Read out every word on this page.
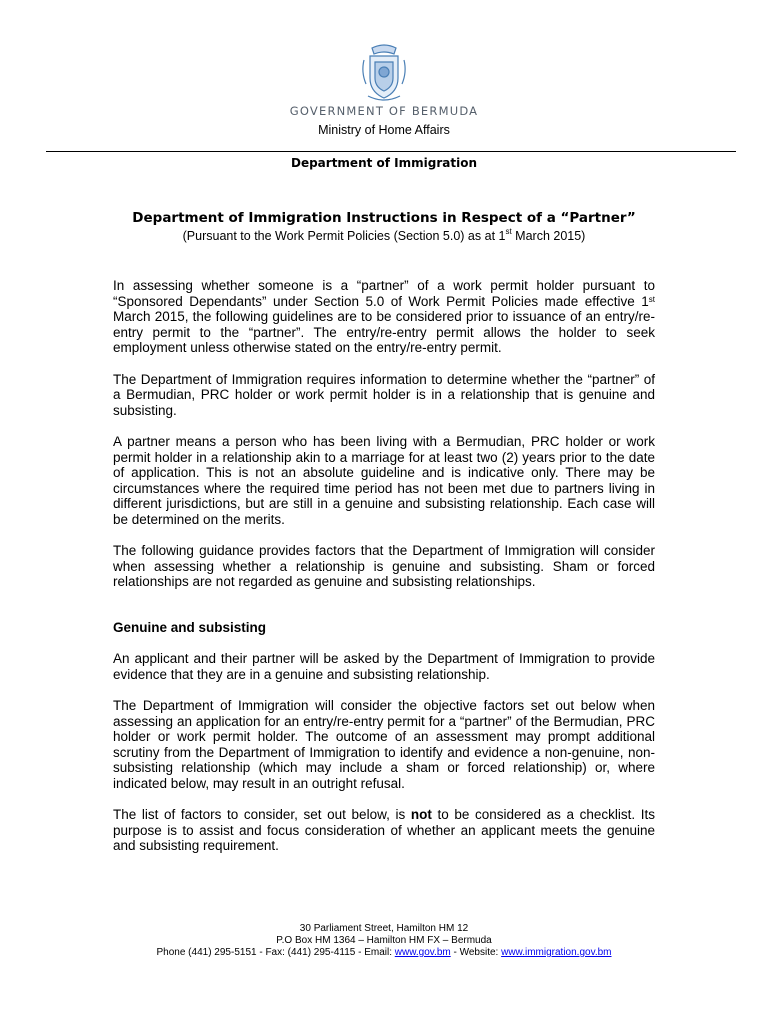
GOVERNMENT OF BERMUDA
Ministry of Home Affairs
Department of Immigration
Department of Immigration Instructions in Respect of a “Partner”
(Pursuant to the Work Permit Policies (Section 5.0) as at 1st March 2015)

In assessing whether someone is a “partner” of a work permit holder pursuant to “Sponsored Dependants” under Section 5.0 of Work Permit Policies made effective 1st March 2015, the following guidelines are to be considered prior to issuance of an entry/re-entry permit to the “partner”. The entry/re-entry permit allows the holder to seek employment unless otherwise stated on the entry/re-entry permit.

The Department of Immigration requires information to determine whether the “partner” of a Bermudian, PRC holder or work permit holder is in a relationship that is genuine and subsisting.

A partner means a person who has been living with a Bermudian, PRC holder or work permit holder in a relationship akin to a marriage for at least two (2) years prior to the date of application. This is not an absolute guideline and is indicative only. There may be circumstances where the required time period has not been met due to partners living in different jurisdictions, but are still in a genuine and subsisting relationship. Each case will be determined on the merits.

The following guidance provides factors that the Department of Immigration will consider when assessing whether a relationship is genuine and subsisting. Sham or forced relationships are not regarded as genuine and subsisting relationships.

Genuine and subsisting

An applicant and their partner will be asked by the Department of Immigration to provide evidence that they are in a genuine and subsisting relationship.

The Department of Immigration will consider the objective factors set out below when assessing an application for an entry/re-entry permit for a “partner” of the Bermudian, PRC holder or work permit holder. The outcome of an assessment may prompt additional scrutiny from the Department of Immigration to identify and evidence a non-genuine, non-subsisting relationship (which may include a sham or forced relationship) or, where indicated below, may result in an outright refusal.

The list of factors to consider, set out below, is not to be considered as a checklist. Its purpose is to assist and focus consideration of whether an applicant meets the genuine and subsisting requirement.

30 Parliament Street, Hamilton HM 12
P.O Box HM 1364 – Hamilton HM FX – Bermuda
Phone (441) 295-5151 - Fax: (441) 295-4115 - Email: www.gov.bm - Website: www.immigration.gov.bm
